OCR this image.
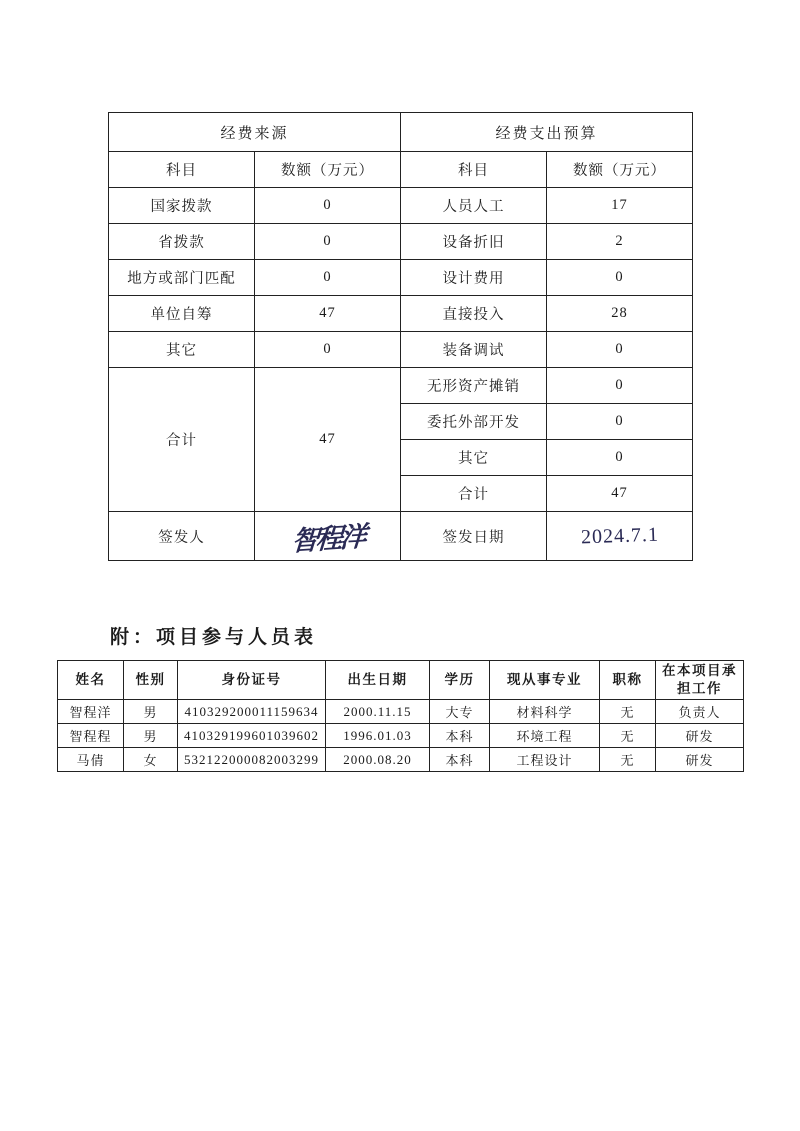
经费来源		经费支出预算	
科目	数额（万元）	科目	数额（万元）
国家拨款	0	人员人工	17
省拨款	0	设备折旧	2
地方或部门匹配	0	设计费用	0
单位自筹	47	直接投入	28
其它	0	装备调试	0
合计	47	无形资产摊销	0
		委托外部开发	0
		其它	0
		合计	47
签发人	智程洋	签发日期	2024.7.1
附：项目参与人员表
姓名	性别	身份证号	出生日期	学历	现从事专业	职称	在本项目承担工作
智程洋	男	410329200011159634	2000.11.15	大专	材料科学	无	负责人
智程程	男	410329199601039602	1996.01.03	本科	环境工程	无	研发
马倩	女	532122000082003299	2000.08.20	本科	工程设计	无	研发
